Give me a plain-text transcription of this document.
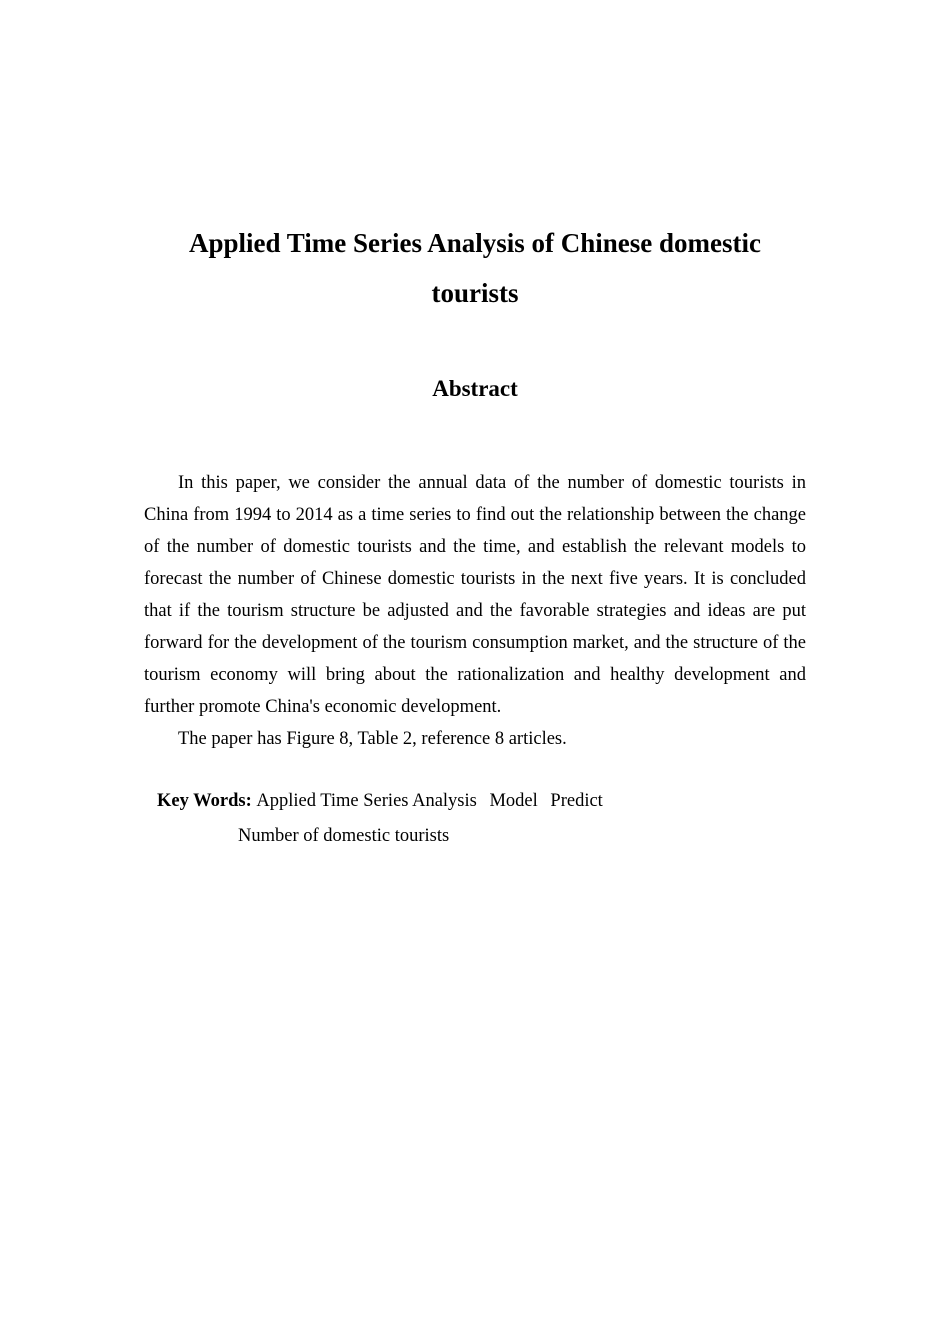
Applied Time Series Analysis of Chinese domestic tourists
Abstract

In this paper, we consider the annual data of the number of domestic tourists in China from 1994 to 2014 as a time series to find out the relationship between the change of the number of domestic tourists and the time, and establish the relevant models to forecast the number of Chinese domestic tourists in the next five years. It is concluded that if the tourism structure be adjusted and the favorable strategies and ideas are put forward for the development of the tourism consumption market, and the structure of the tourism economy will bring about the rationalization and healthy development and further promote China's economic development.

The paper has Figure 8, Table 2, reference 8 articles.

Key Words: Applied Time Series Analysis Model Predict
Number of domestic tourists
